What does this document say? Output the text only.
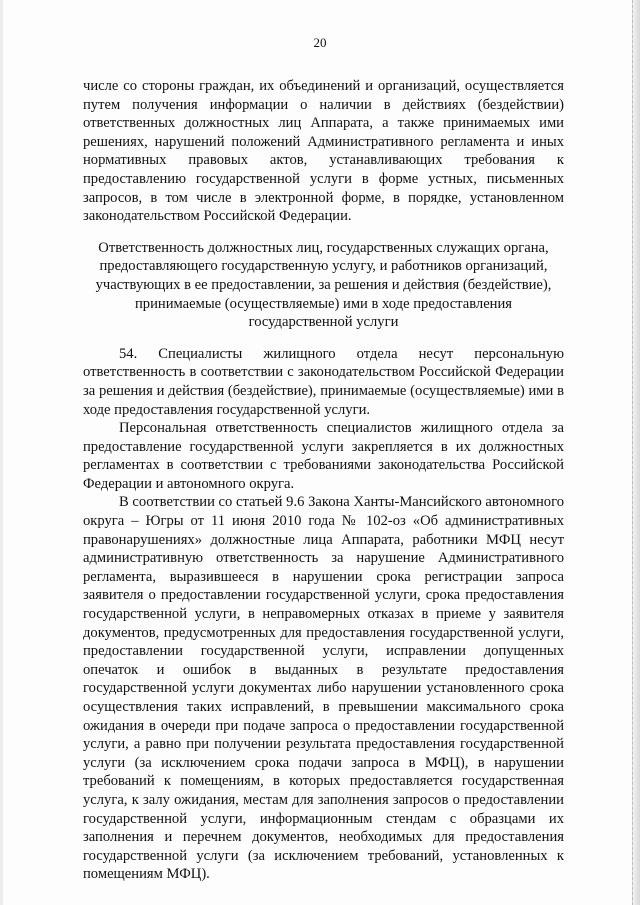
20

числе со стороны граждан, их объединений и организаций, осуществляется путем получения информации о наличии в действиях (бездействии) ответственных должностных лиц Аппарата, а также принимаемых ими решениях, нарушений положений Административного регламента и иных нормативных правовых актов, устанавливающих требования к предоставлению государственной услуги в форме устных, письменных запросов, в том числе в электронной форме, в порядке, установленном законодательством Российской Федерации.

Ответственность должностных лиц, государственных служащих органа, предоставляющего государственную услугу, и работников организаций, участвующих в ее предоставлении, за решения и действия (бездействие), принимаемые (осуществляемые) ими в ходе предоставления государственной услуги

54. Специалисты жилищного отдела несут персональную ответственность в соответствии с законодательством Российской Федерации за решения и действия (бездействие), принимаемые (осуществляемые) ими в ходе предоставления государственной услуги.

Персональная ответственность специалистов жилищного отдела за предоставление государственной услуги закрепляется в их должностных регламентах в соответствии с требованиями законодательства Российской Федерации и автономного округа.

В соответствии со статьей 9.6 Закона Ханты-Мансийского автономного округа – Югры от 11 июня 2010 года № 102-оз «Об административных правонарушениях» должностные лица Аппарата, работники МФЦ несут административную ответственность за нарушение Административного регламента, выразившееся в нарушении срока регистрации запроса заявителя о предоставлении государственной услуги, срока предоставления государственной услуги, в неправомерных отказах в приеме у заявителя документов, предусмотренных для предоставления государственной услуги, предоставлении государственной услуги, исправлении допущенных опечаток и ошибок в выданных в результате предоставления государственной услуги документах либо нарушении установленного срока осуществления таких исправлений, в превышении максимального срока ожидания в очереди при подаче запроса о предоставлении государственной услуги, а равно при получении результата предоставления государственной услуги (за исключением срока подачи запроса в МФЦ), в нарушении требований к помещениям, в которых предоставляется государственная услуга, к залу ожидания, местам для заполнения запросов о предоставлении государственной услуги, информационным стендам с образцами их заполнения и перечнем документов, необходимых для предоставления государственной услуги (за исключением требований, установленных к помещениям МФЦ).
